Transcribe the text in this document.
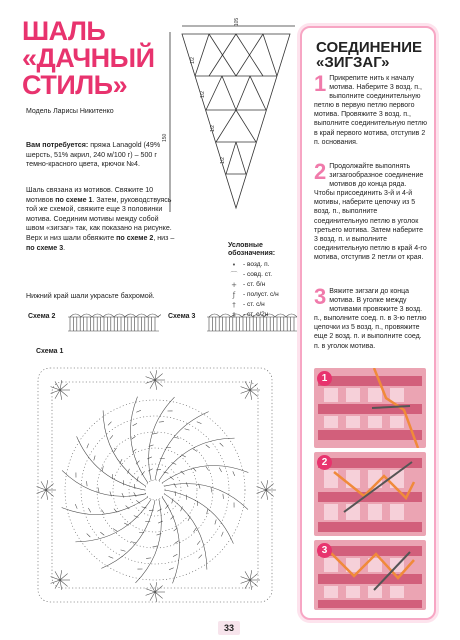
ШАЛЬ
«ДАЧНЫЙ
СТИЛЬ»
Модель Ларисы Никитенко
Вам потребуется: пряжа Lanagold (49% шерсть, 51% акрил, 240 м/100 г) – 500 г темно-красного цвета, крючок №4.
Шаль связана из мотивов. Свяжите 10 мотивов по схеме 1. Затем, руководствуясь той же схемой, свяжите еще 3 половинки мотива. Соединим мотивы между собой швом «зигзаг» так, как показано на рисунке. Верх и низ шали обвяжите по схеме 2, низ – по схеме 3.
Нижний край шали украсьте бахромой.
105
150
1/2
1/2
1/2
1/2
Условные обозначения:
•	- возд. п.
⌒ - совд. ст.
+ - ст. б/н
ƒ	- полуст. с/н
†	- ст. с/н
‡	- ст. с/2н
Схема 2	Схема 3
Схема 1
СОЕДИНЕНИЕ
«ЗИГЗАГ»
1 Прикрепите нить к началу мотива. Наберите 3 возд. п., выполните соединительную петлю в первую петлю первого мотива. Провяжите 3 возд. п., выполните соединительную петлю в край первого мотива, отступив 2 п. основания.
2 Продолжайте выполнять зигзагообразное соединение мотивов до конца ряда. Чтобы присоединить 3-й и 4-й мотивы, наберите цепочку из 5 возд. п., выполните соединительную петлю в уголок третьего мотива. Затем наберите 3 возд. п. и выполните соединительную петлю в край 4-го мотива, отступив 2 петли от края.
3 Вяжите зигзаги до конца мотива. В уголке между мотивами провяжите 3 возд. п., выполните соед. п. в 3-ю петлю цепочки из 5 возд. п., провяжите еще 2 возд. п. и выполните соед. п. в уголок мотива.
1
2
3
33
